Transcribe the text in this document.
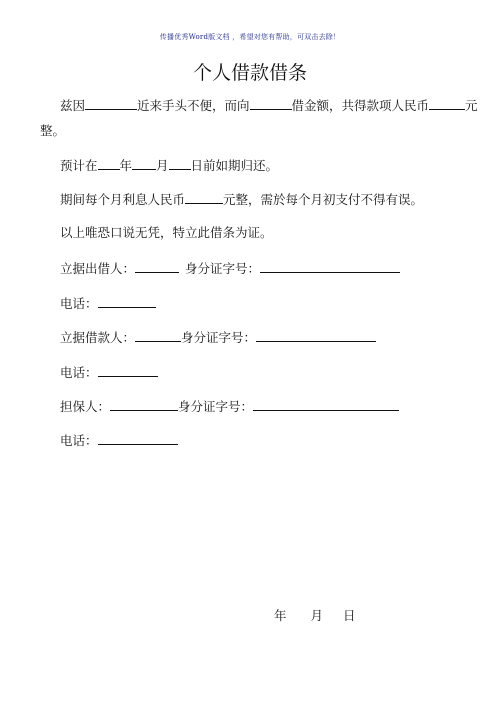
传播优秀Word版文档 ，希望对您有帮助，可双击去除！
个人借款借条
兹因	近来手头不便，而向	借金额，共得款项人民币	元
整。
预计在 年 月 日前如期归还。
期间每个月利息人民币	元整，需於每个月初支付不得有误。
以上唯恐口说无凭，特立此借条为证。
立据出借人：	身分证字号：
电话：
立据借款人：	身分证字号：
电话：
担保人：	身分证字号：
电话：
年 月 日
